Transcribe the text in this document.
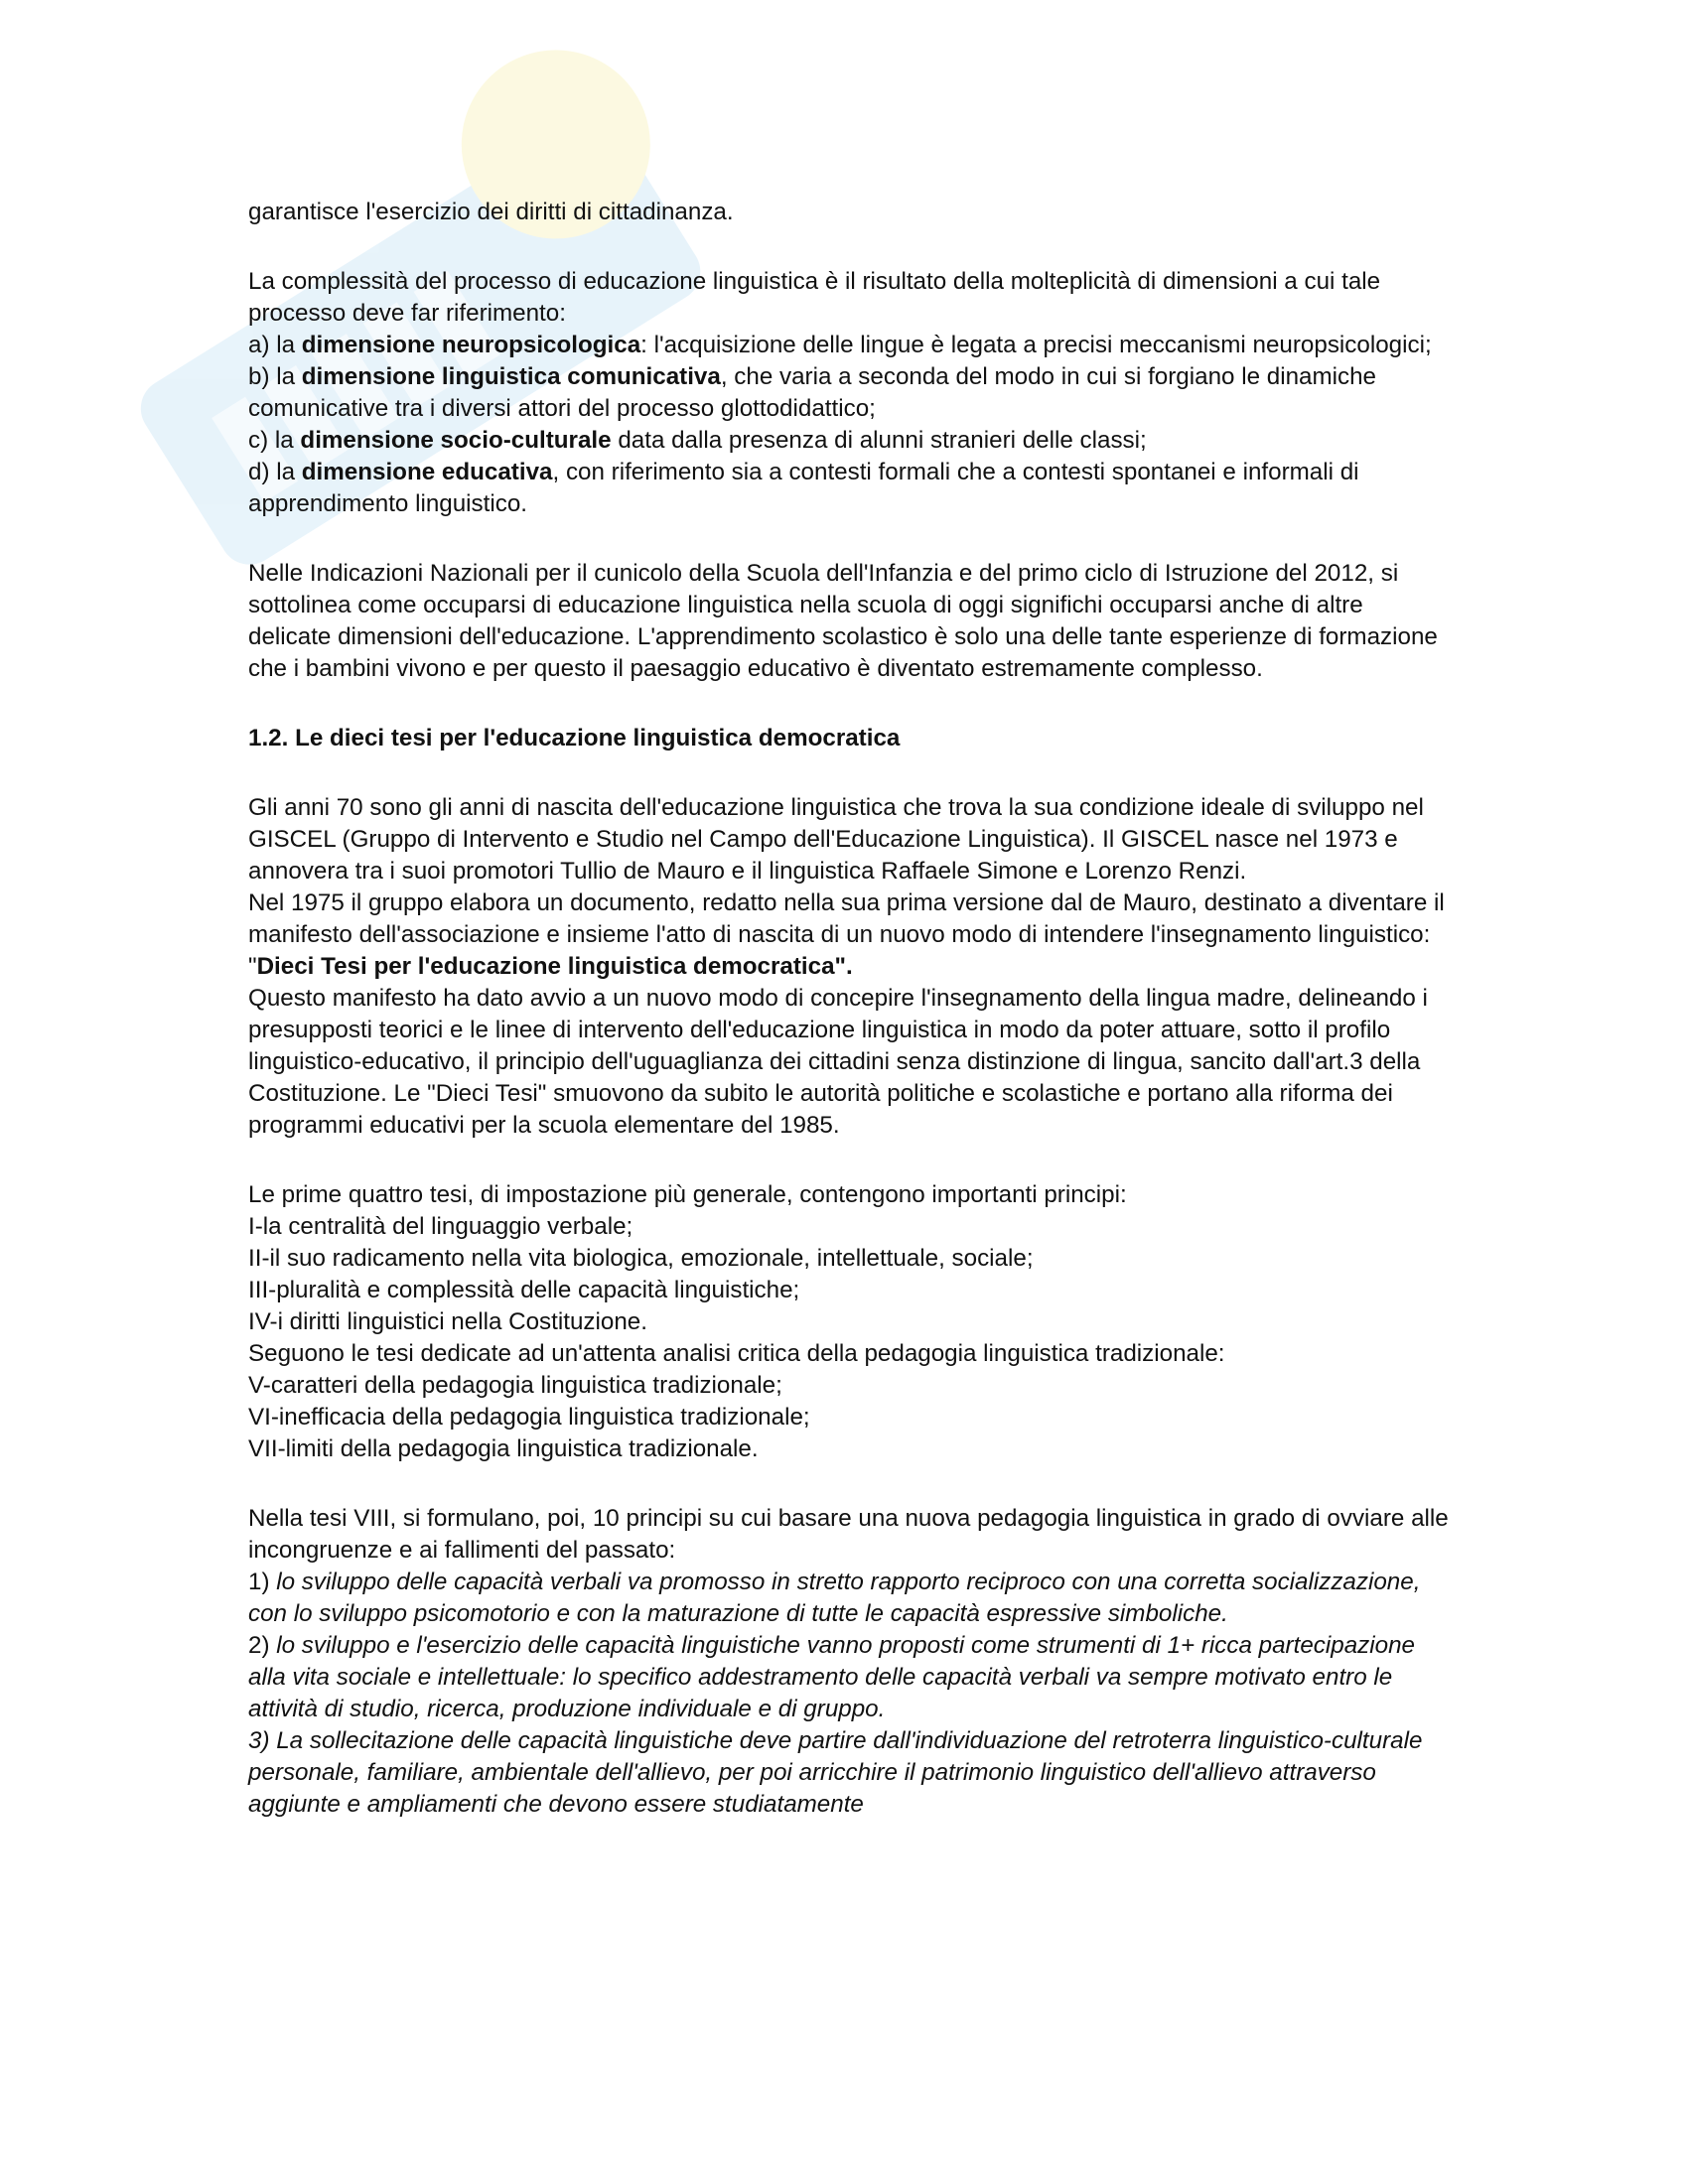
garantisce l'esercizio dei diritti di cittadinanza.

La complessità del processo di educazione linguistica è il risultato della molteplicità di dimensioni a cui tale processo deve far riferimento:
a) la dimensione neuropsicologica: l'acquisizione delle lingue è legata a precisi meccanismi neuropsicologici;
b) la dimensione linguistica comunicativa, che varia a seconda del modo in cui si forgiano le dinamiche comunicative tra i diversi attori del processo glottodidattico;
c) la dimensione socio-culturale data dalla presenza di alunni stranieri delle classi;
d) la dimensione educativa, con riferimento sia a contesti formali che a contesti spontanei e informali di apprendimento linguistico.

Nelle Indicazioni Nazionali per il cunicolo della Scuola dell'Infanzia e del primo ciclo di Istruzione del 2012, si sottolinea come occuparsi di educazione linguistica nella scuola di oggi significhi occuparsi anche di altre delicate dimensioni dell'educazione. L'apprendimento scolastico è solo una delle tante esperienze di formazione che i bambini vivono e per questo il paesaggio educativo è diventato estremamente complesso.

1.2. Le dieci tesi per l'educazione linguistica democratica

Gli anni 70 sono gli anni di nascita dell'educazione linguistica che trova la sua condizione ideale di sviluppo nel GISCEL (Gruppo di Intervento e Studio nel Campo dell'Educazione Linguistica). Il GISCEL nasce nel 1973 e annovera tra i suoi promotori Tullio de Mauro e il linguistica Raffaele Simone e Lorenzo Renzi.
Nel 1975 il gruppo elabora un documento, redatto nella sua prima versione dal de Mauro, destinato a diventare il manifesto dell'associazione e insieme l'atto di nascita di un nuovo modo di intendere l'insegnamento linguistico: "Dieci Tesi per l'educazione linguistica democratica".
Questo manifesto ha dato avvio a un nuovo modo di concepire l'insegnamento della lingua madre, delineando i presupposti teorici e le linee di intervento dell'educazione linguistica in modo da poter attuare, sotto il profilo linguistico-educativo, il principio dell'uguaglianza dei cittadini senza distinzione di lingua, sancito dall'art.3 della Costituzione. Le "Dieci Tesi" smuovono da subito le autorità politiche e scolastiche e portano alla riforma dei programmi educativi per la scuola elementare del 1985.

Le prime quattro tesi, di impostazione più generale, contengono importanti principi:
I-la centralità del linguaggio verbale;
II-il suo radicamento nella vita biologica, emozionale, intellettuale, sociale;
III-pluralità e complessità delle capacità linguistiche;
IV-i diritti linguistici nella Costituzione.
Seguono le tesi dedicate ad un'attenta analisi critica della pedagogia linguistica tradizionale:
V-caratteri della pedagogia linguistica tradizionale;
VI-inefficacia della pedagogia linguistica tradizionale;
VII-limiti della pedagogia linguistica tradizionale.

Nella tesi VIII, si formulano, poi, 10 principi su cui basare una nuova pedagogia linguistica in grado di ovviare alle incongruenze e ai fallimenti del passato:
1) lo sviluppo delle capacità verbali va promosso in stretto rapporto reciproco con una corretta socializzazione, con lo sviluppo psicomotorio e con la maturazione di tutte le capacità espressive simboliche.
2) lo sviluppo e l'esercizio delle capacità linguistiche vanno proposti come strumenti di 1+ ricca partecipazione alla vita sociale e intellettuale: lo specifico addestramento delle capacità verbali va sempre motivato entro le attività di studio, ricerca, produzione individuale e di gruppo.
3) La sollecitazione delle capacità linguistiche deve partire dall'individuazione del retroterra linguistico-culturale personale, familiare, ambientale dell'allievo, per poi arricchire il patrimonio linguistico dell'allievo attraverso aggiunte e ampliamenti che devono essere studiatamente
